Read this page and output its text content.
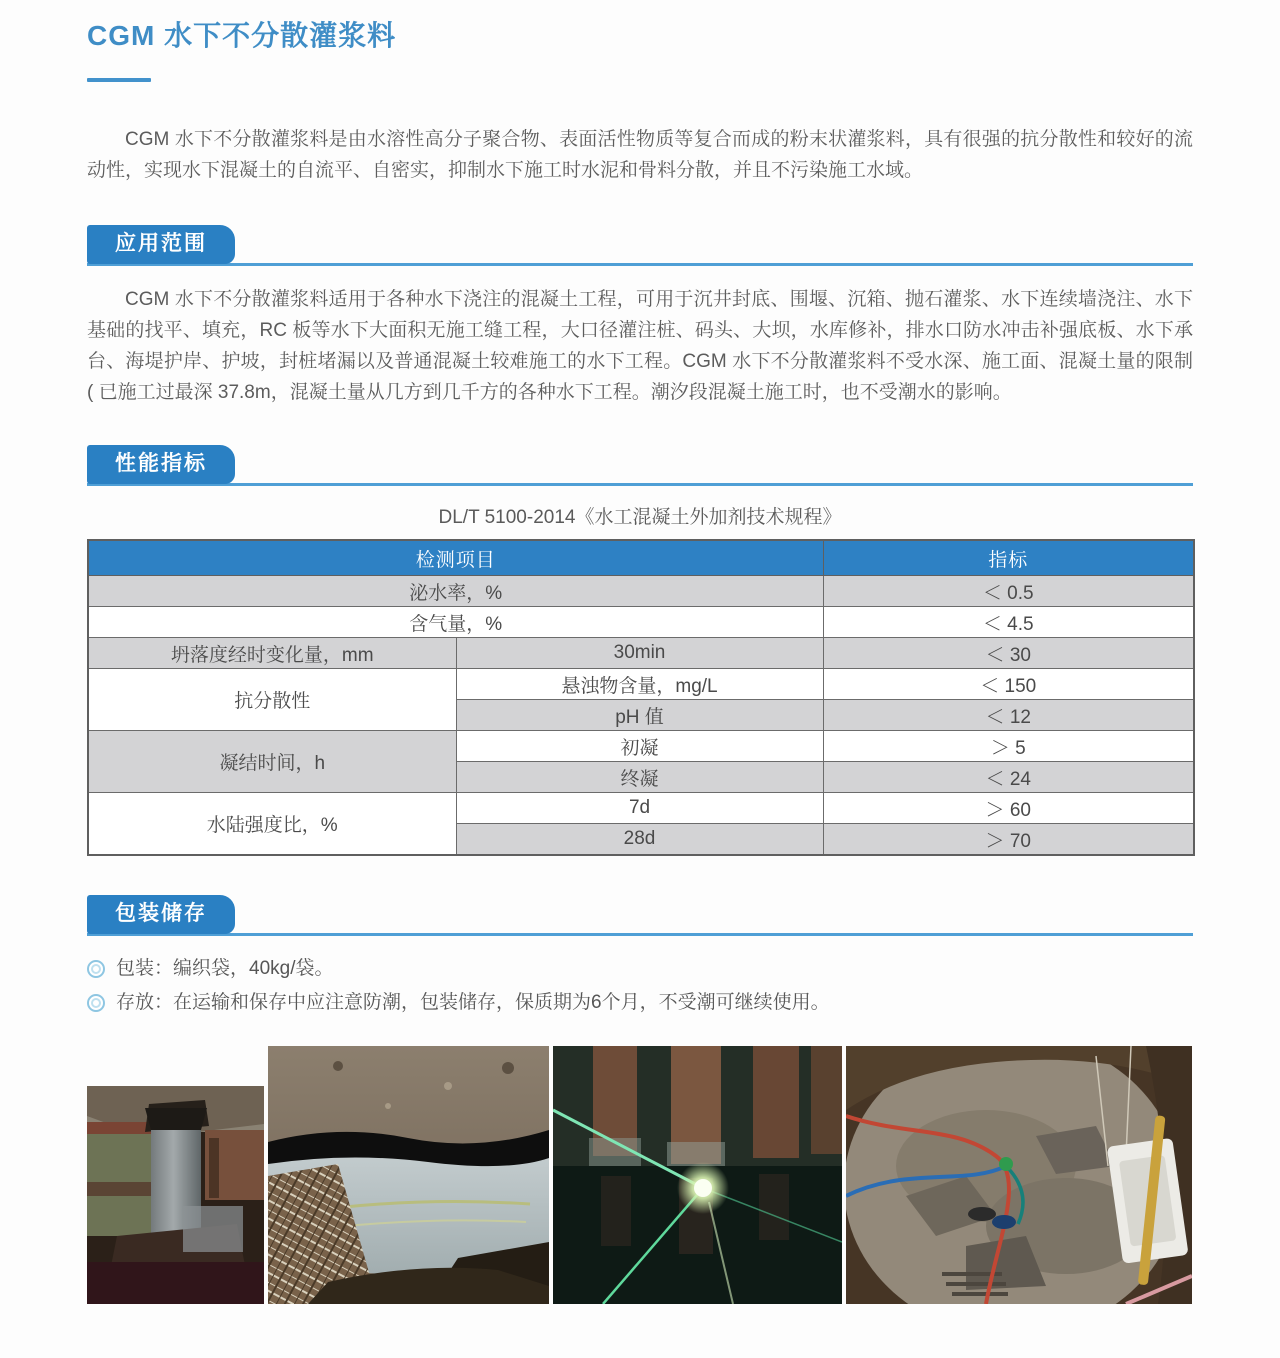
CGM 水下不分散灌浆料

CGM 水下不分散灌浆料是由水溶性高分子聚合物、表面活性物质等复合而成的粉末状灌浆料，具有很强的抗分散性和较好的流动性，实现水下混凝土的自流平、自密实，抑制水下施工时水泥和骨料分散，并且不污染施工水域。

应用范围

CGM 水下不分散灌浆料适用于各种水下浇注的混凝土工程，可用于沉井封底、围堰、沉箱、抛石灌浆、水下连续墙浇注、水下基础的找平、填充，RC 板等水下大面积无施工缝工程，大口径灌注桩、码头、大坝，水库修补，排水口防水冲击补强底板、水下承台、海堤护岸、护坡，封桩堵漏以及普通混凝土较难施工的水下工程。CGM 水下不分散灌浆料不受水深、施工面、混凝土量的限制 ( 已施工过最深 37.8m，混凝土量从几方到几千方的各种水下工程。潮汐段混凝土施工时，也不受潮水的影响。

性能指标
DL/T 5100-2014《水工混凝土外加剂技术规程》
检测项目		指标
泌水率，%		＜ 0.5
含气量，%		＜ 4.5
坍落度经时变化量，mm	30min	＜ 30
抗分散性	悬浊物含量，mg/L	＜ 150
	pH 值	＜ 12
凝结时间，h	初凝	＞ 5
	终凝	＜ 24
水陆强度比，%	7d	＞ 60
	28d	＞ 70
包装储存
包装：编织袋，40kg/袋。
存放：在运输和保存中应注意防潮，包装储存，保质期为6个月，不受潮可继续使用。
